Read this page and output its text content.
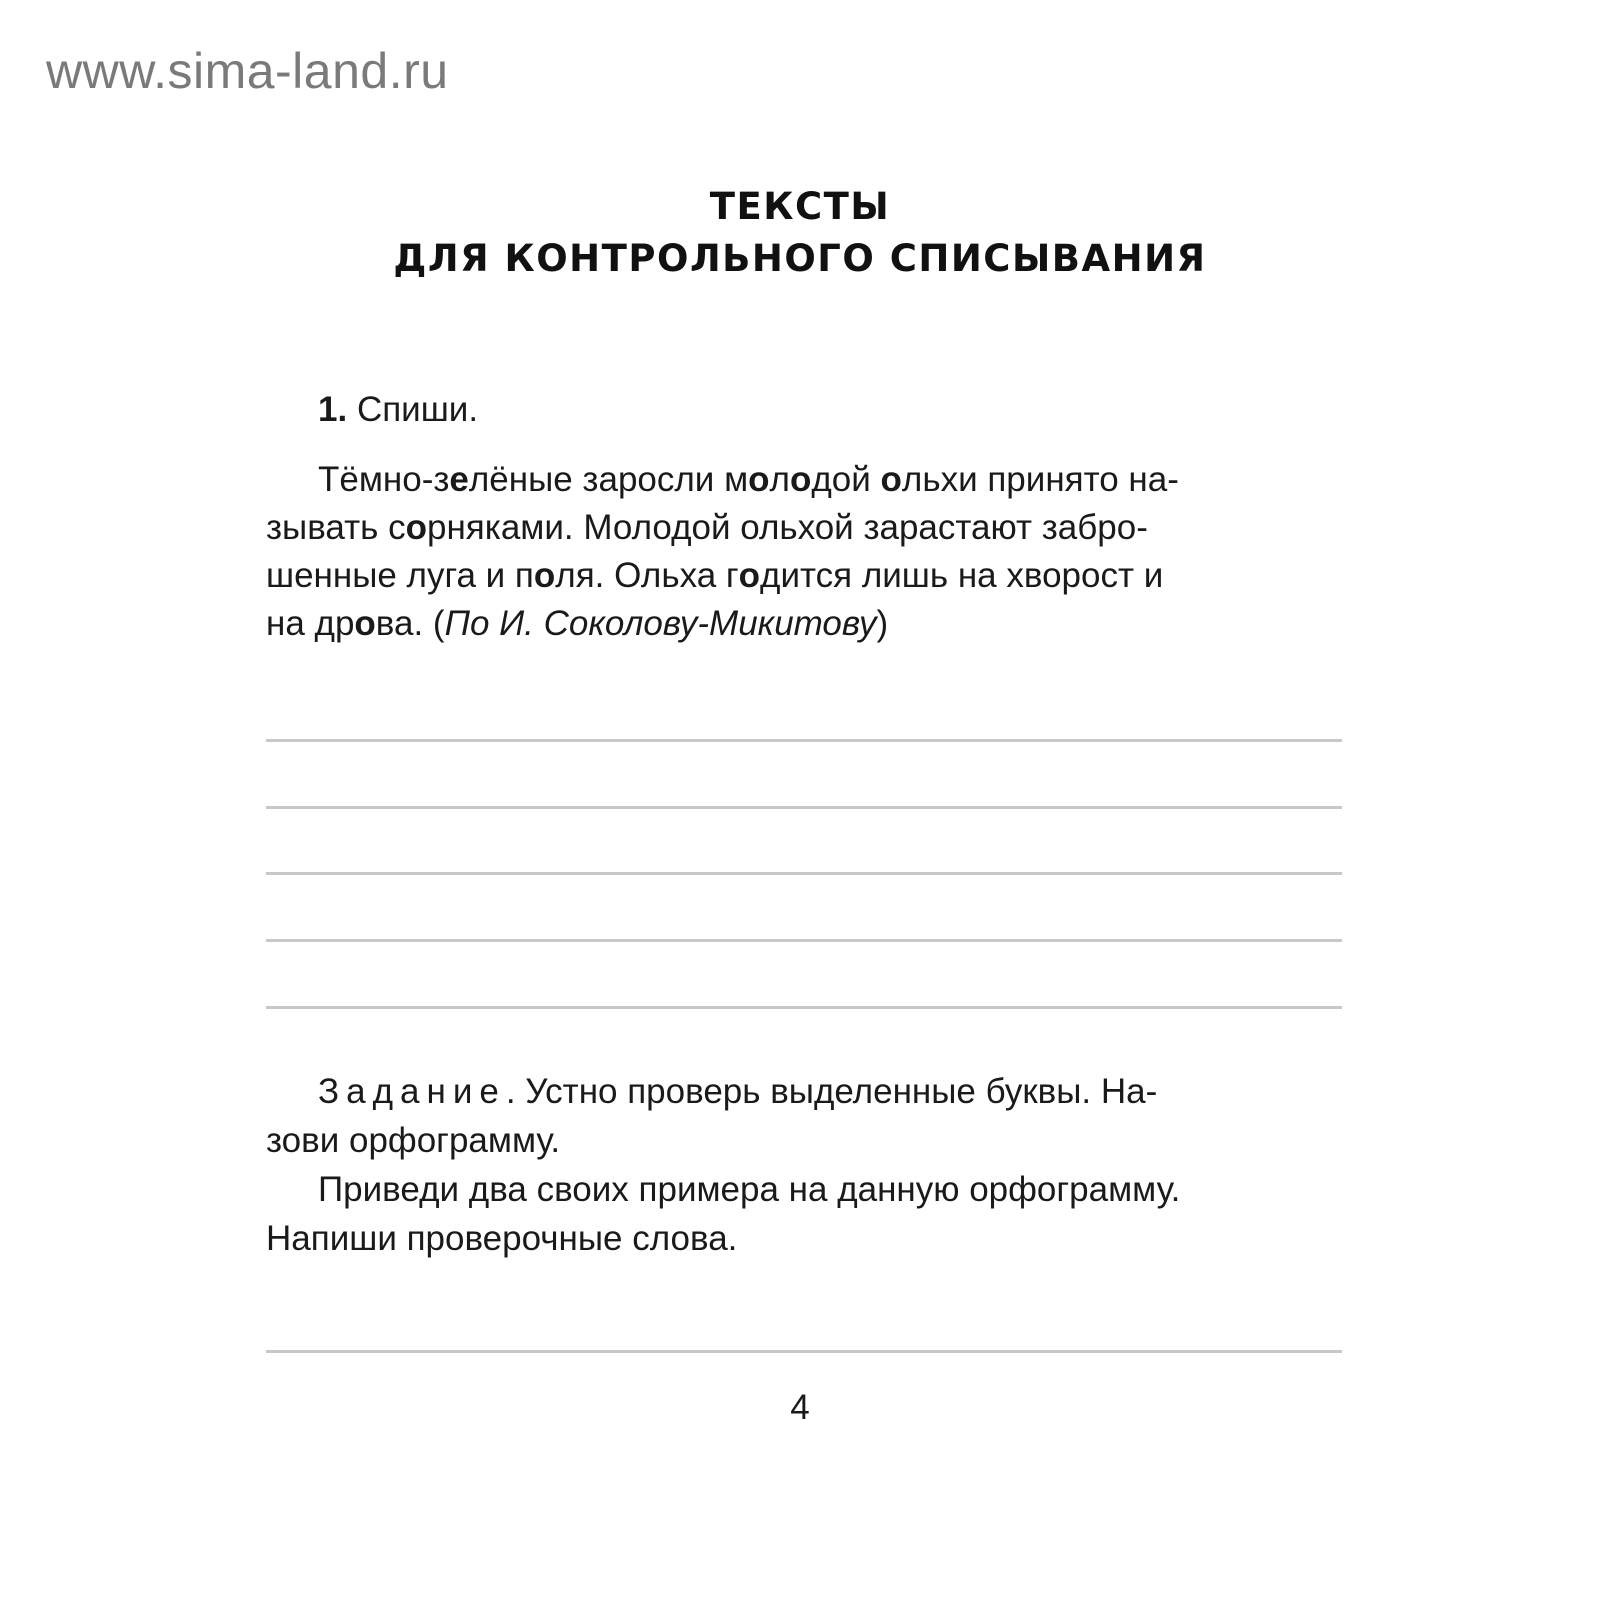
www.sima-land.ru
ТЕКСТЫ
ДЛЯ КОНТРОЛЬНОГО СПИСЫВАНИЯ
1. Спиши.
Тёмно-зелёные заросли молодой ольхи принято на-
зывать сорняками. Молодой ольхой зарастают забро-
шенные луга и поля. Ольха годится лишь на хворост и
на дрова. (По И. Соколову-Микитову)
Задание. Устно проверь выделенные буквы. На-
зови орфограмму.
Приведи два своих примера на данную орфограмму.
Напиши проверочные слова.
4
